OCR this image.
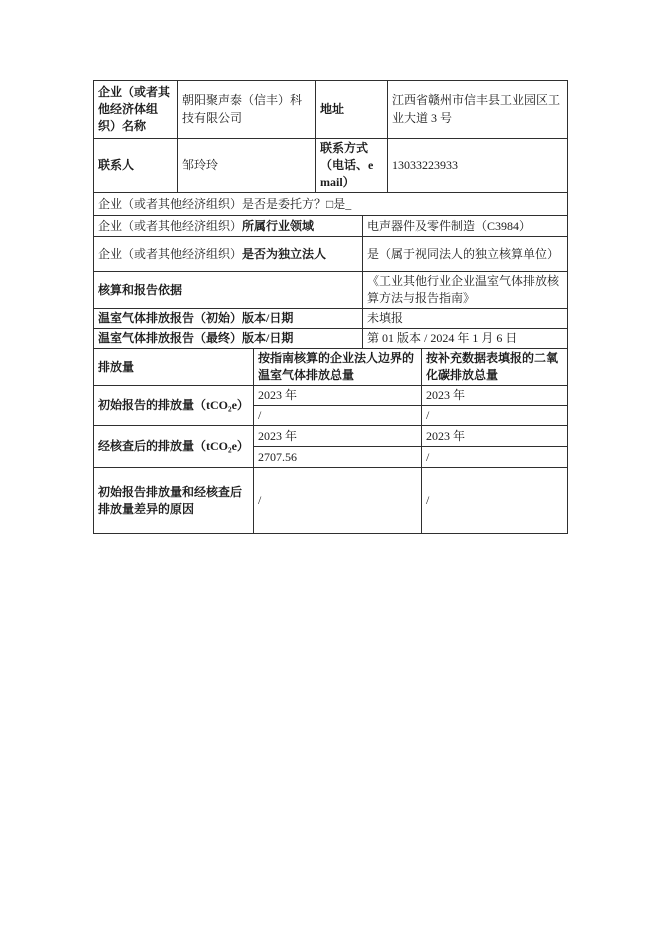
企业（或者其他经济体组织）名称	朝阳聚声泰（信丰）科技有限公司		地址		江西省赣州市信丰县工业园区工业大道 3 号	
联系人	邹玲玲		联系方式（电话、email）		13033223933	
企业（或者其他经济组织）是否是委托方？□是_						
企业（或者其他经济组织）所属行业领域				电声器件及零件制造（C3984）		
企业（或者其他经济组织）是否为独立法人				是（属于视同法人的独立核算单位）		
核算和报告依据				《工业其他行业企业温室气体排放核算方法与报告指南》		
温室气体排放报告（初始）版本/日期				未填报		
温室气体排放报告（最终）版本/日期				第 01 版本 / 2024 年 1 月 6 日		
排放量		按指南核算的企业法人边界的温室气体排放总量				按补充数据表填报的二氧化碳排放总量
初始报告的排放量（tCO₂e）		2023 年				2023 年
		/				/
经核查后的排放量（tCO₂e）		2023 年				2023 年
		2707.56				/
初始报告排放量和经核查后排放量差异的原因		/				/
